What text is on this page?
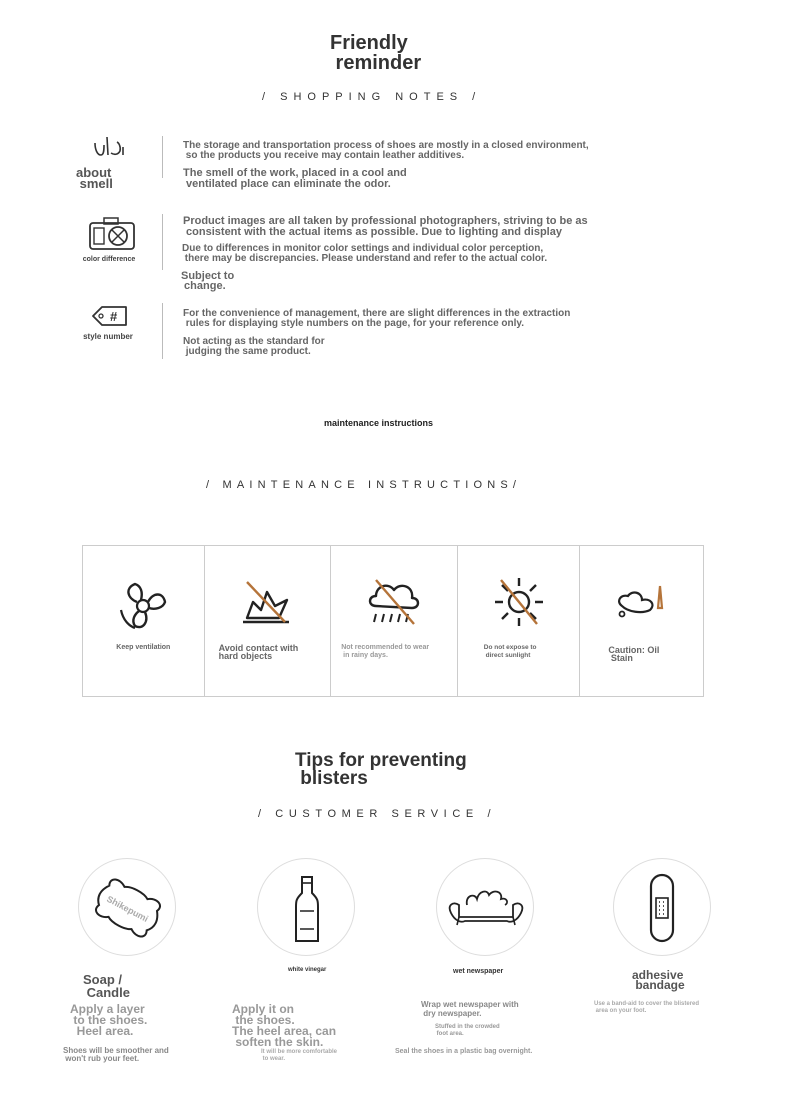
Friendly
reminder
/ SHOPPING NOTES /
about
smell
The storage and transportation process of shoes are mostly in a closed environment,
so the products you receive may contain leather additives.
The smell of the work, placed in a cool and
ventilated place can eliminate the odor.
color difference
Product images are all taken by professional photographers, striving to be as
consistent with the actual items as possible. Due to lighting and display
Due to differences in monitor color settings and individual color perception,
there may be discrepancies. Please understand and refer to the actual color.
Subject to
change.
#
style number
For the convenience of management, there are slight differences in the extraction
rules for displaying style numbers on the page, for your reference only.
Not acting as the standard for
judging the same product.
maintenance instructions
/ MAINTENANCE INSTRUCTIONS/
Keep ventilation	Avoid contact with
hard objects
Not recommended to wear
in rainy days.
Do not expose to
direct sunlight
Caution: Oil
Stain
Tips for preventing
blisters
/ CUSTOMER SERVICE /
Shikepumi
Soap /
Candle
Apply a layer
to the shoes.
Heel area.
Shoes will be smoother and
won't rub your feet.
white vinegar
Apply it on
the shoes.
The heel area, can
soften the skin.
It will be more comfortable
to wear.
wet newspaper
Wrap wet newspaper with
dry newspaper.
Stuffed in the crowded
foot area.
Seal the shoes in a plastic bag overnight.
adhesive
bandage
Use a band-aid to cover the blistered
area on your foot.
